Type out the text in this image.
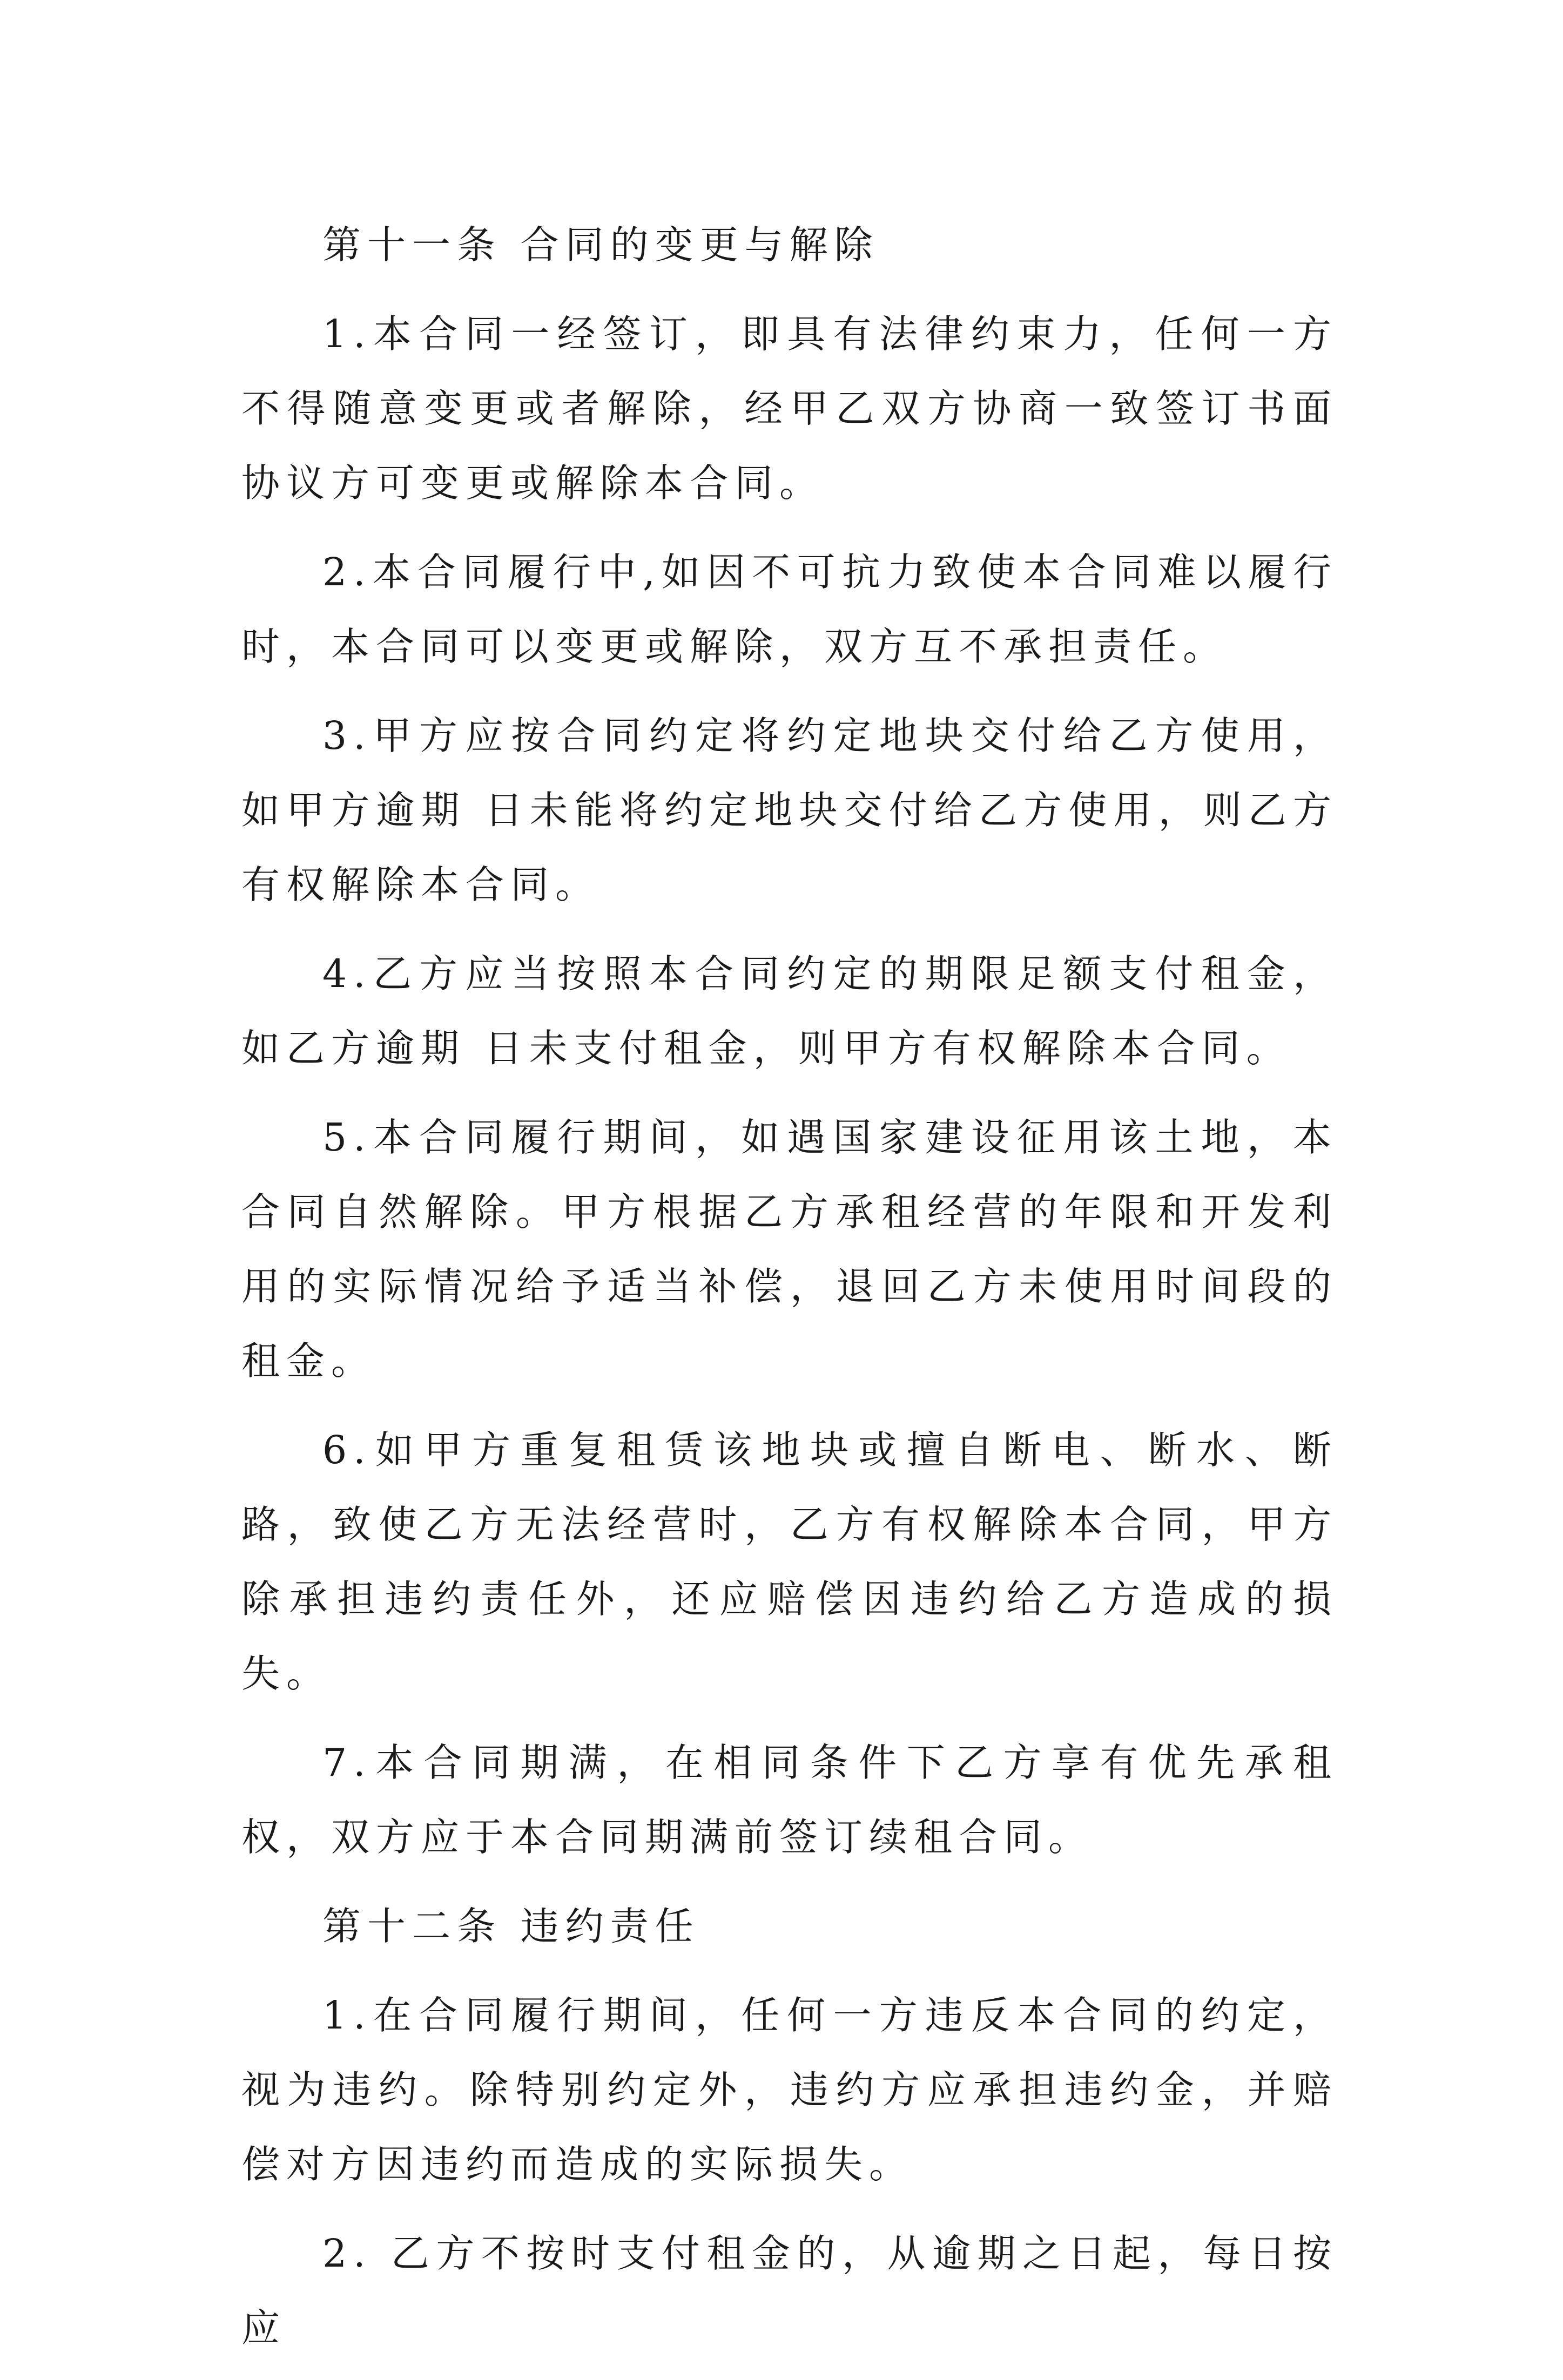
第十一条 合同的变更与解除

1.本合同一经签订，即具有法律约束力，任何一方不得随意变更或者解除，经甲乙双方协商一致签订书面协议方可变更或解除本合同。

2.本合同履行中,如因不可抗力致使本合同难以履行时，本合同可以变更或解除，双方互不承担责任。

3.甲方应按合同约定将约定地块交付给乙方使用，如甲方逾期 日未能将约定地块交付给乙方使用，则乙方有权解除本合同。

4.乙方应当按照本合同约定的期限足额支付租金，如乙方逾期 日未支付租金，则甲方有权解除本合同。

5.本合同履行期间，如遇国家建设征用该土地，本合同自然解除。甲方根据乙方承租经营的年限和开发利用的实际情况给予适当补偿，退回乙方未使用时间段的租金。

6.如甲方重复租赁该地块或擅自断电、断水、断路，致使乙方无法经营时，乙方有权解除本合同，甲方除承担违约责任外，还应赔偿因违约给乙方造成的损失。

7.本合同期满，在相同条件下乙方享有优先承租权，双方应于本合同期满前签订续租合同。

第十二条 违约责任

1.在合同履行期间，任何一方违反本合同的约定，视为违约。除特别约定外，违约方应承担违约金，并赔偿对方因违约而造成的实际损失。

2. 乙方不按时支付租金的，从逾期之日起，每日按应
